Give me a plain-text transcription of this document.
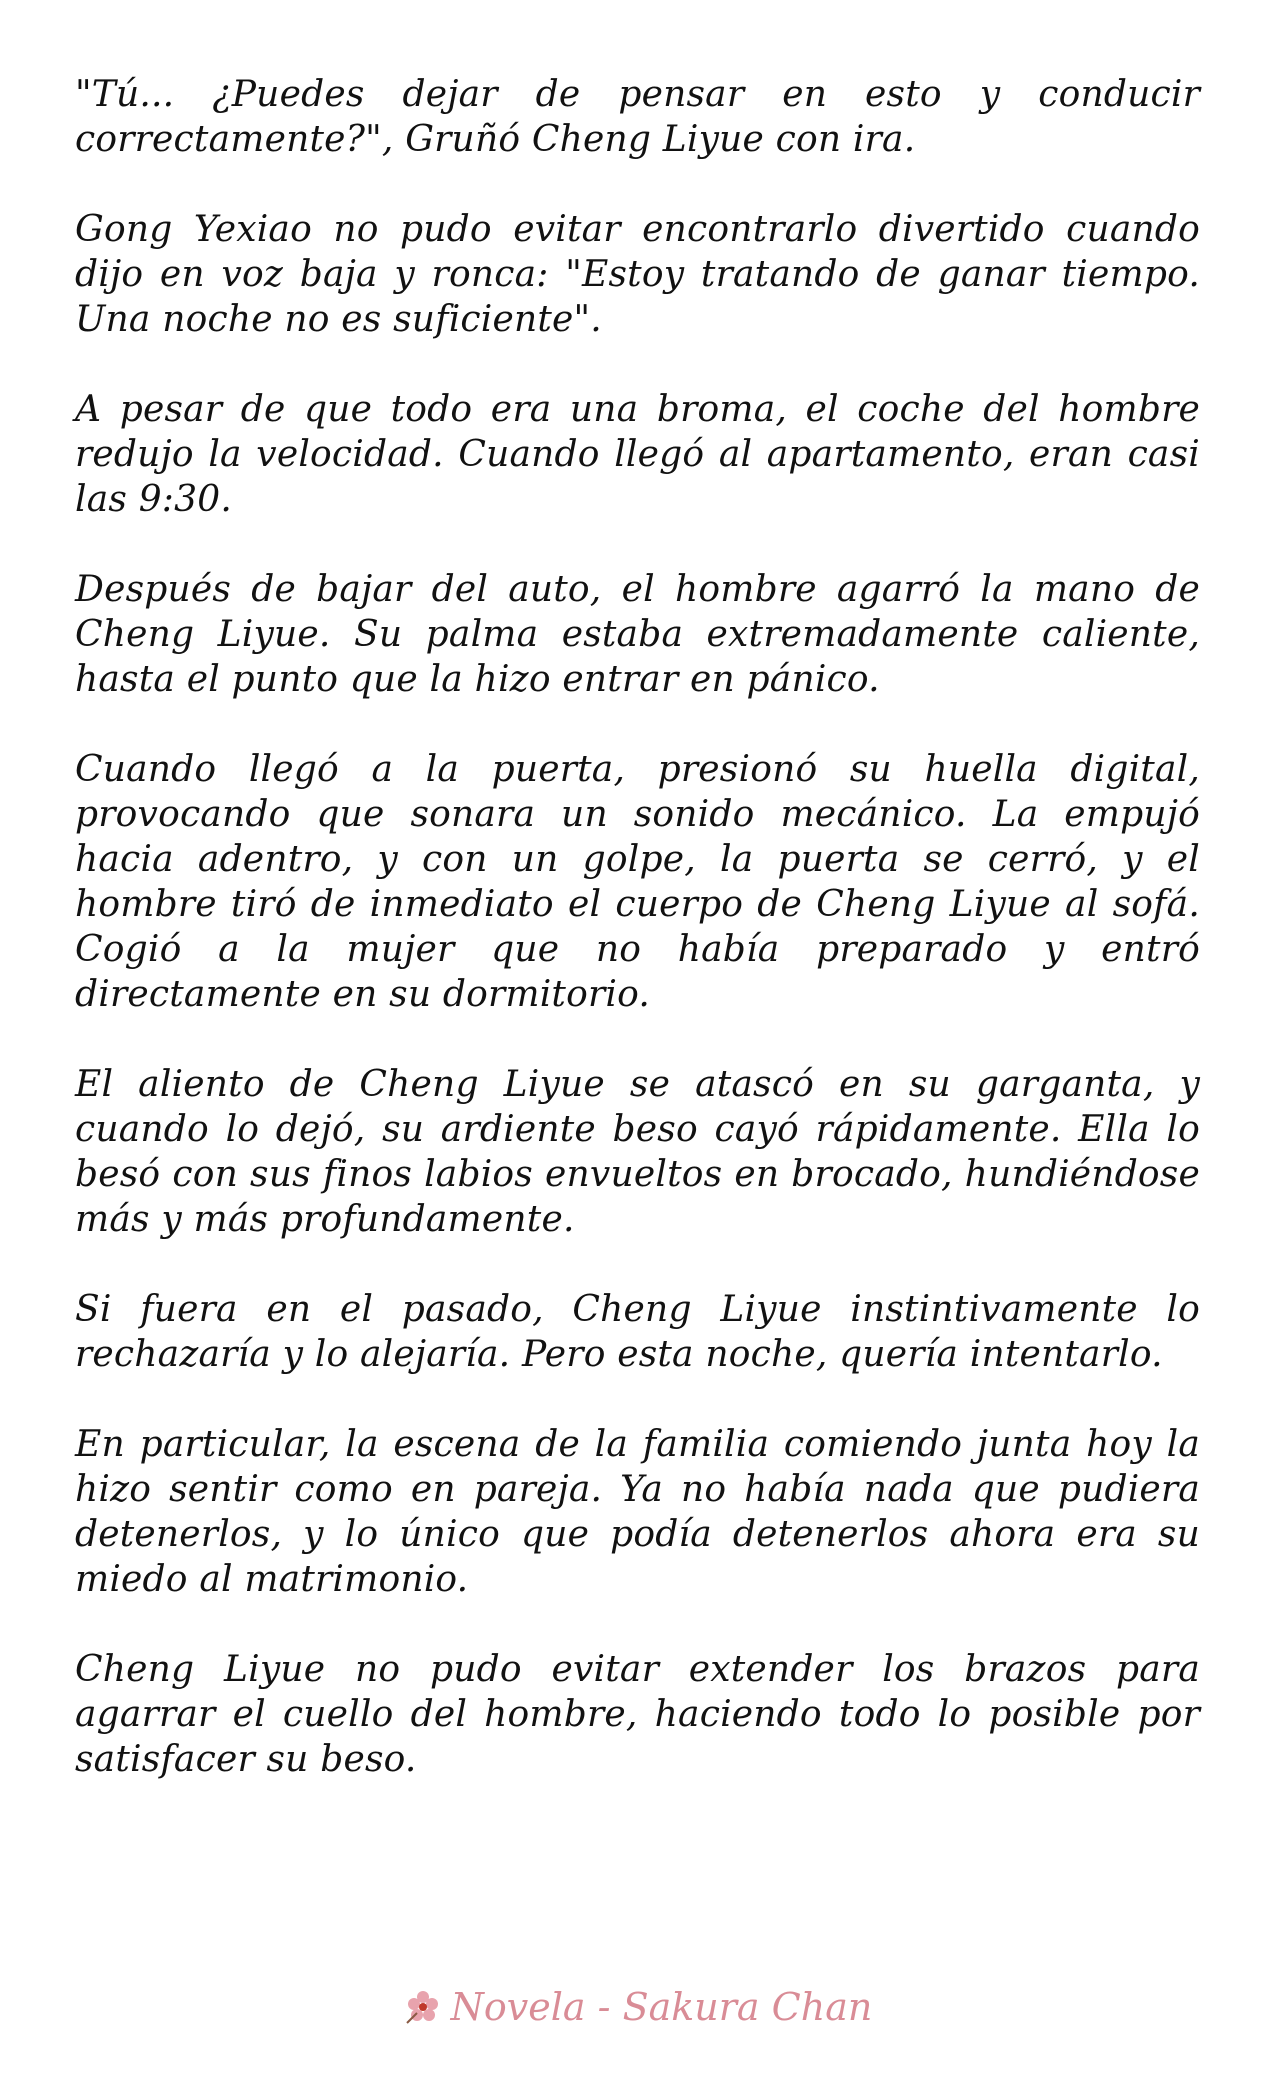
"Tú... ¿Puedes dejar de pensar en esto y conducir correctamente?", Gruñó Cheng Liyue con ira.

Gong Yexiao no pudo evitar encontrarlo divertido cuando dijo en voz baja y ronca: "Estoy tratando de ganar tiempo. Una noche no es suficiente".

A pesar de que todo era una broma, el coche del hombre redujo la velocidad. Cuando llegó al apartamento, eran casi las 9:30.

Después de bajar del auto, el hombre agarró la mano de Cheng Liyue. Su palma estaba extremadamente caliente, hasta el punto que la hizo entrar en pánico.

Cuando llegó a la puerta, presionó su huella digital, provocando que sonara un sonido mecánico. La empujó hacia adentro, y con un golpe, la puerta se cerró, y el hombre tiró de inmediato el cuerpo de Cheng Liyue al sofá. Cogió a la mujer que no había preparado y entró directamente en su dormitorio.

El aliento de Cheng Liyue se atascó en su garganta, y cuando lo dejó, su ardiente beso cayó rápidamente. Ella lo besó con sus finos labios envueltos en brocado, hundiéndose más y más profundamente.

Si fuera en el pasado, Cheng Liyue instintivamente lo rechazaría y lo alejaría. Pero esta noche, quería intentarlo.

En particular, la escena de la familia comiendo junta hoy la hizo sentir como en pareja. Ya no había nada que pudiera detenerlos, y lo único que podía detenerlos ahora era su miedo al matrimonio.

Cheng Liyue no pudo evitar extender los brazos para agarrar el cuello del hombre, haciendo todo lo posible por satisfacer su beso.

Novela - Sakura Chan
